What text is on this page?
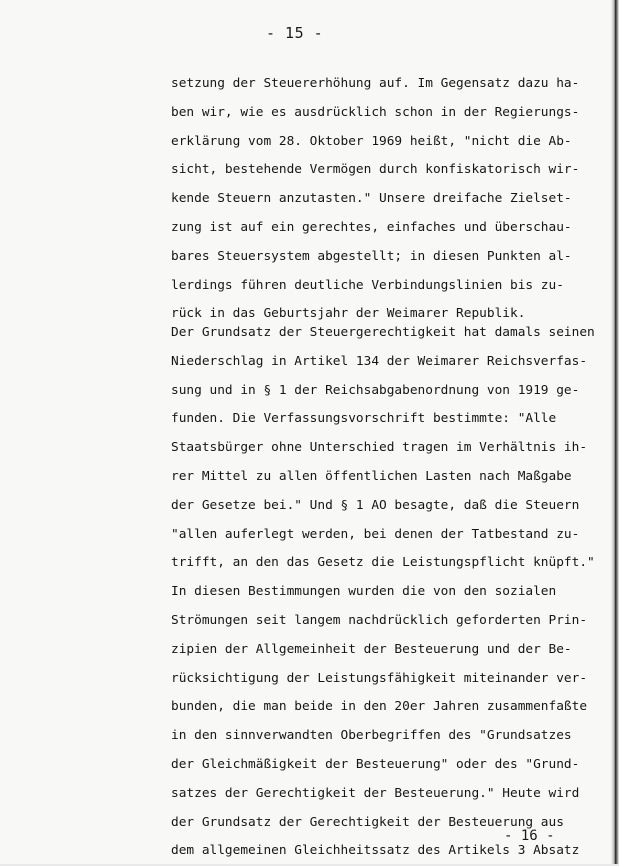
- 15 -
setzung der Steuererhöhung auf. Im Gegensatz dazu ha-
ben wir, wie es ausdrücklich schon in der Regierungs-
erklärung vom 28. Oktober 1969 heißt, "nicht die Ab-
sicht, bestehende Vermögen durch konfiskatorisch wir-
kende Steuern anzutasten." Unsere dreifache Zielset-
zung ist auf ein gerechtes, einfaches und überschau-
bares Steuersystem abgestellt; in diesen Punkten al-
lerdings führen deutliche Verbindungslinien bis zu-
rück in das Geburtsjahr der Weimarer Republik.
Der Grundsatz der Steuergerechtigkeit hat damals seinen
Niederschlag in Artikel 134 der Weimarer Reichsverfas-
sung und in § 1 der Reichsabgabenordnung von 1919 ge-
funden. Die Verfassungsvorschrift bestimmte: "Alle
Staatsbürger ohne Unterschied tragen im Verhältnis ih-
rer Mittel zu allen öffentlichen Lasten nach Maßgabe
der Gesetze bei." Und § 1 AO besagte, daß die Steuern
"allen auferlegt werden, bei denen der Tatbestand zu-
trifft, an den das Gesetz die Leistungspflicht knüpft."
In diesen Bestimmungen wurden die von den sozialen
Strömungen seit langem nachdrücklich geforderten Prin-
zipien der Allgemeinheit der Besteuerung und der Be-
rücksichtigung der Leistungsfähigkeit miteinander ver-
bunden, die man beide in den 20er Jahren zusammenfaßte
in den sinnverwandten Oberbegriffen des "Grundsatzes
der Gleichmäßigkeit der Besteuerung" oder des "Grund-
satzes der Gerechtigkeit der Besteuerung." Heute wird
der Grundsatz der Gerechtigkeit der Besteuerung aus
dem allgemeinen Gleichheitssatz des Artikels 3 Absatz
- 16 -
